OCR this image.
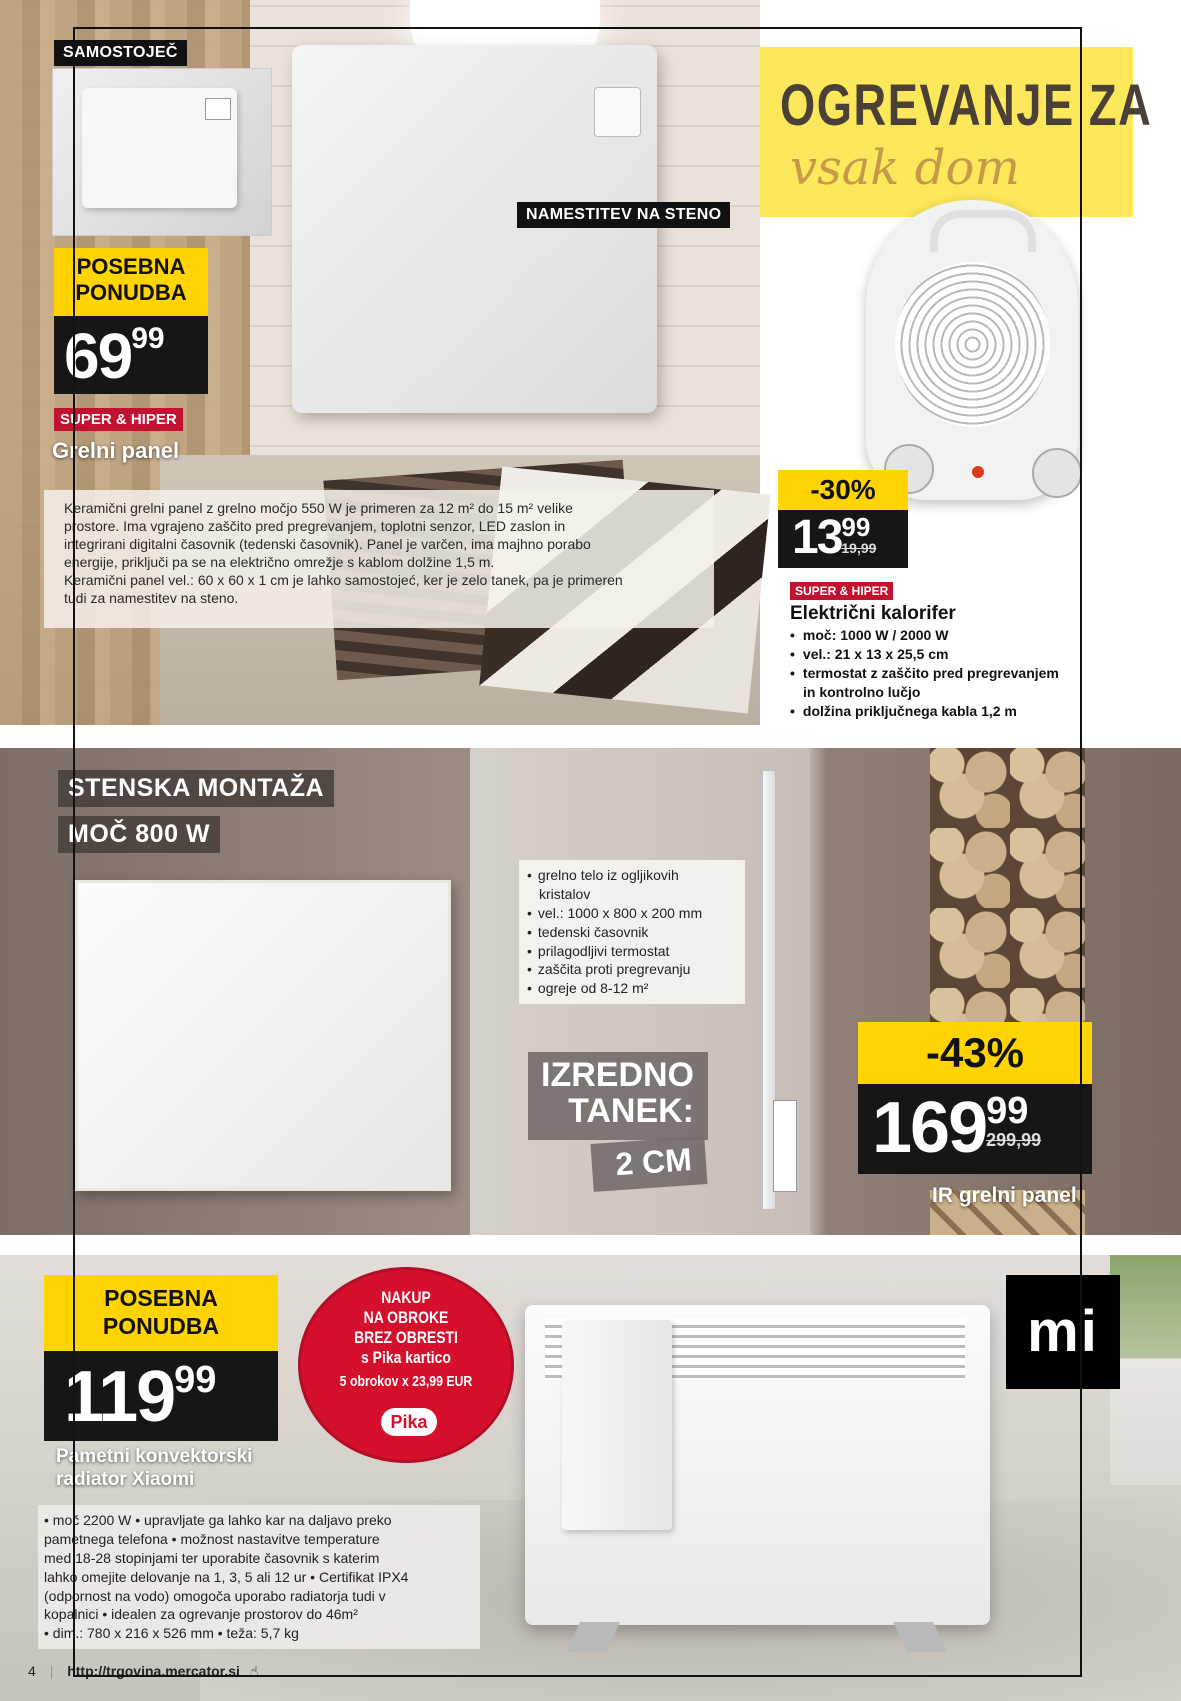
SAMOSTOJEČ
NAMESTITEV NA STENO
POSEBNA
PONUDBA
6999
SUPER & HIPER
Grelni panel
Keramični grelni panel z grelno močjo 550 W je primeren za 12 m² do 15 m² velike
prostore. Ima vgrajeno zaščito pred pregrevanjem, toplotni senzor, LED zaslon in
integrirani digitalni časovnik (tedenski časovnik). Panel je varčen, ima majhno porabo
energije, priključi pa se na električno omrežje s kablom dolžine 1,5 m.
Keramični panel vel.: 60 x 60 x 1 cm je lahko samostojeć, ker je zelo tanek, pa je primeren
tudi za namestitev na steno.
OGREVANJE ZA
vsak dom
-30%
13 99
19,99
SUPER & HIPER
Električni kalorifer
• moč: 1000 W / 2000 W
• vel.: 21 x 13 x 25,5 cm
• termostat z zaščito pred pregrevanjem
in kontrolno lučjo
• dolžina priključnega kabla 1,2 m
STENSKA MONTAŽA
MOČ 800 W
• grelno telo iz ogljikovih
kristalov
• vel.: 1000 x 800 x 200 mm
• tedenski časovnik
• prilagodljivi termostat
• zaščita proti pregrevanju
• ogreje od 8-12 m²
IZREDNO
TANEK:
2 CM
-43%
169 99
299,99
IR grelni panel
mi
POSEBNA
PONUDBA
11999
Pametni konvektorski
radiator Xiaomi
NAKUP
NA OBROKE
BREZ OBRESTI
s Pika kartico
5 obrokov x 23,99 EUR
Pika
• moč 2200 W • upravljate ga lahko kar na daljavo preko
pametnega telefona • možnost nastavitve temperature
med 18-28 stopinjami ter uporabite časovnik s katerim
lahko omejite delovanje na 1, 3, 5 ali 12 ur • Certifikat IPX4
(odpornost na vodo) omogoča uporabo radiatorja tudi v
kopalnici • idealen za ogrevanje prostorov do 46m²
• dim.: 780 x 216 x 526 mm • teža: 5,7 kg
4 | http://trgovina.mercator.si ☝
